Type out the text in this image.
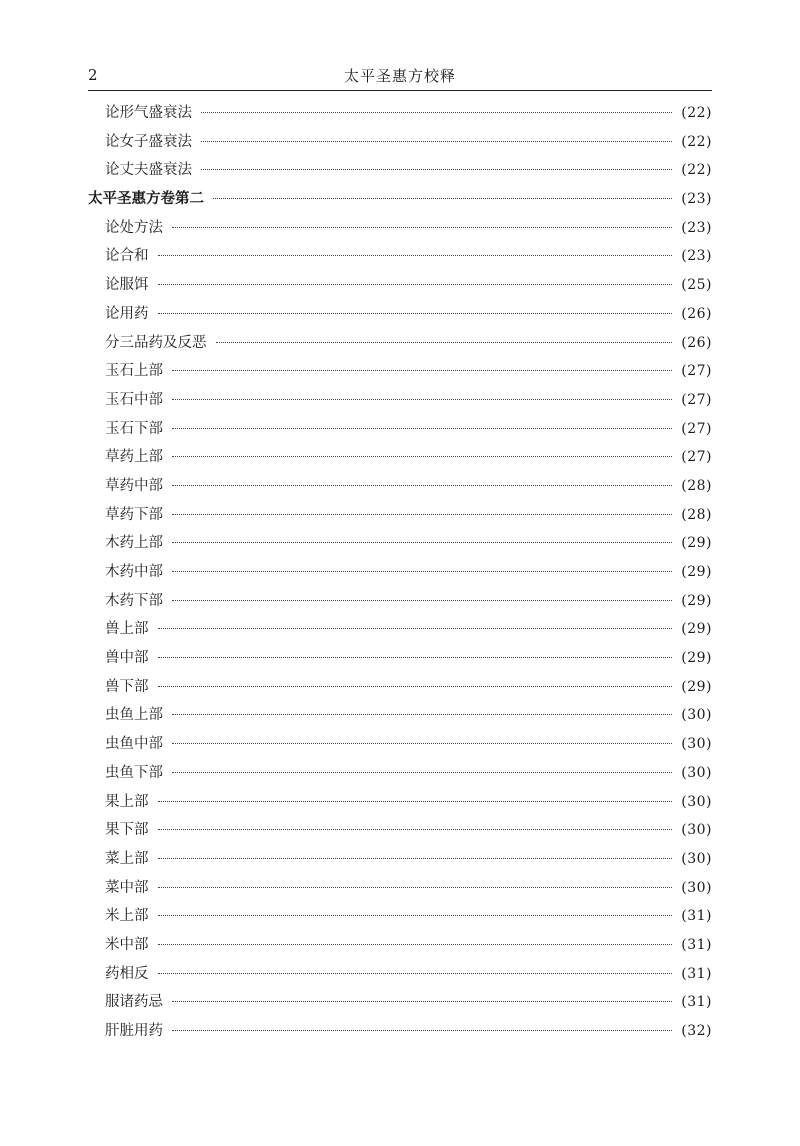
2	太平圣惠方校释
论形气盛衰法	(22)
论女子盛衰法	(22)
论丈夫盛衰法	(22)
太平圣惠方卷第二	(23)
论处方法	(23)
论合和	(23)
论服饵	(25)
论用药	(26)
分三品药及反恶	(26)
玉石上部	(27)
玉石中部	(27)
玉石下部	(27)
草药上部	(27)
草药中部	(28)
草药下部	(28)
木药上部	(29)
木药中部	(29)
木药下部	(29)
兽上部	(29)
兽中部	(29)
兽下部	(29)
虫鱼上部	(30)
虫鱼中部	(30)
虫鱼下部	(30)
果上部	(30)
果下部	(30)
菜上部	(30)
菜中部	(30)
米上部	(31)
米中部	(31)
药相反	(31)
服诸药忌	(31)
肝脏用药	(32)
